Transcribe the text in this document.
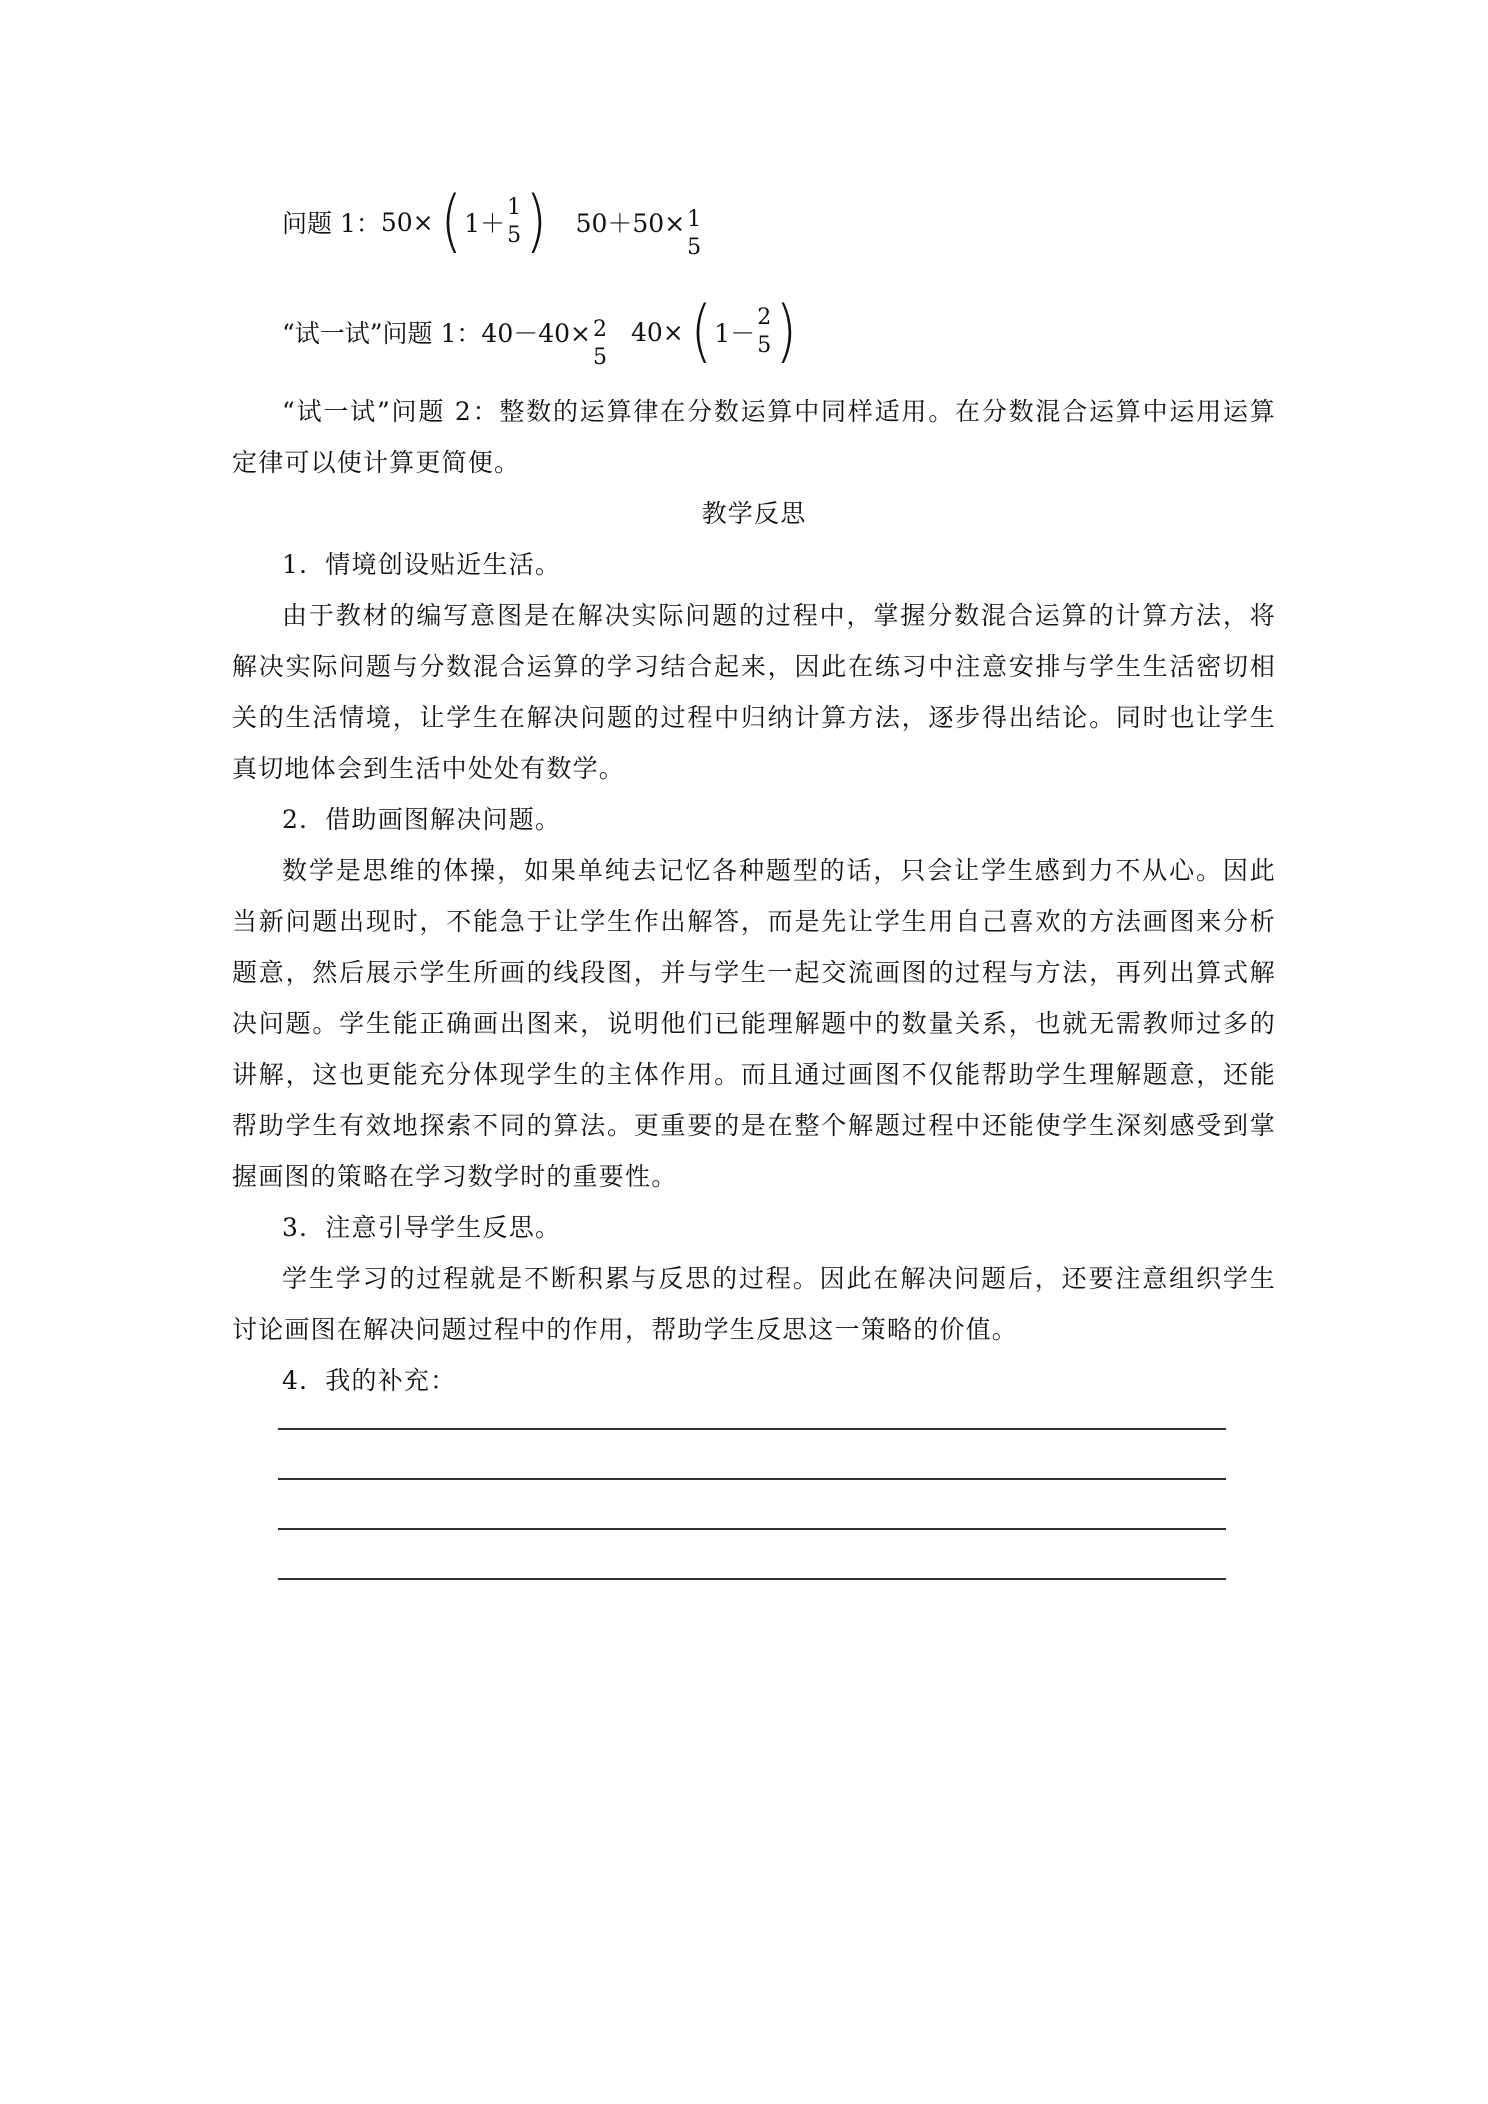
问题 1： 50× ( 1＋
1
5 ) 50＋50× 1
5
“试一试”问题 1： 40－40× 2
5
40× ( 1－
2
5 )

“试一试”问题 2：整数的运算律在分数运算中同样适用。在分数混合运算中运用运算定律可以使计算更简便。

教学反思

1．情境创设贴近生活。

由于教材的编写意图是在解决实际问题的过程中，掌握分数混合运算的计算方法，将解决实际问题与分数混合运算的学习结合起来，因此在练习中注意安排与学生生活密切相关的生活情境，让学生在解决问题的过程中归纳计算方法，逐步得出结论。同时也让学生真切地体会到生活中处处有数学。

2．借助画图解决问题。

数学是思维的体操，如果单纯去记忆各种题型的话，只会让学生感到力不从心。因此当新问题出现时，不能急于让学生作出解答，而是先让学生用自己喜欢的方法画图来分析题意，然后展示学生所画的线段图，并与学生一起交流画图的过程与方法，再列出算式解决问题。学生能正确画出图来，说明他们已能理解题中的数量关系，也就无需教师过多的讲解，这也更能充分体现学生的主体作用。而且通过画图不仅能帮助学生理解题意，还能帮助学生有效地探索不同的算法。更重要的是在整个解题过程中还能使学生深刻感受到掌握画图的策略在学习数学时的重要性。

3．注意引导学生反思。

学生学习的过程就是不断积累与反思的过程。因此在解决问题后，还要注意组织学生讨论画图在解决问题过程中的作用，帮助学生反思这一策略的价值。

4．我的补充：
